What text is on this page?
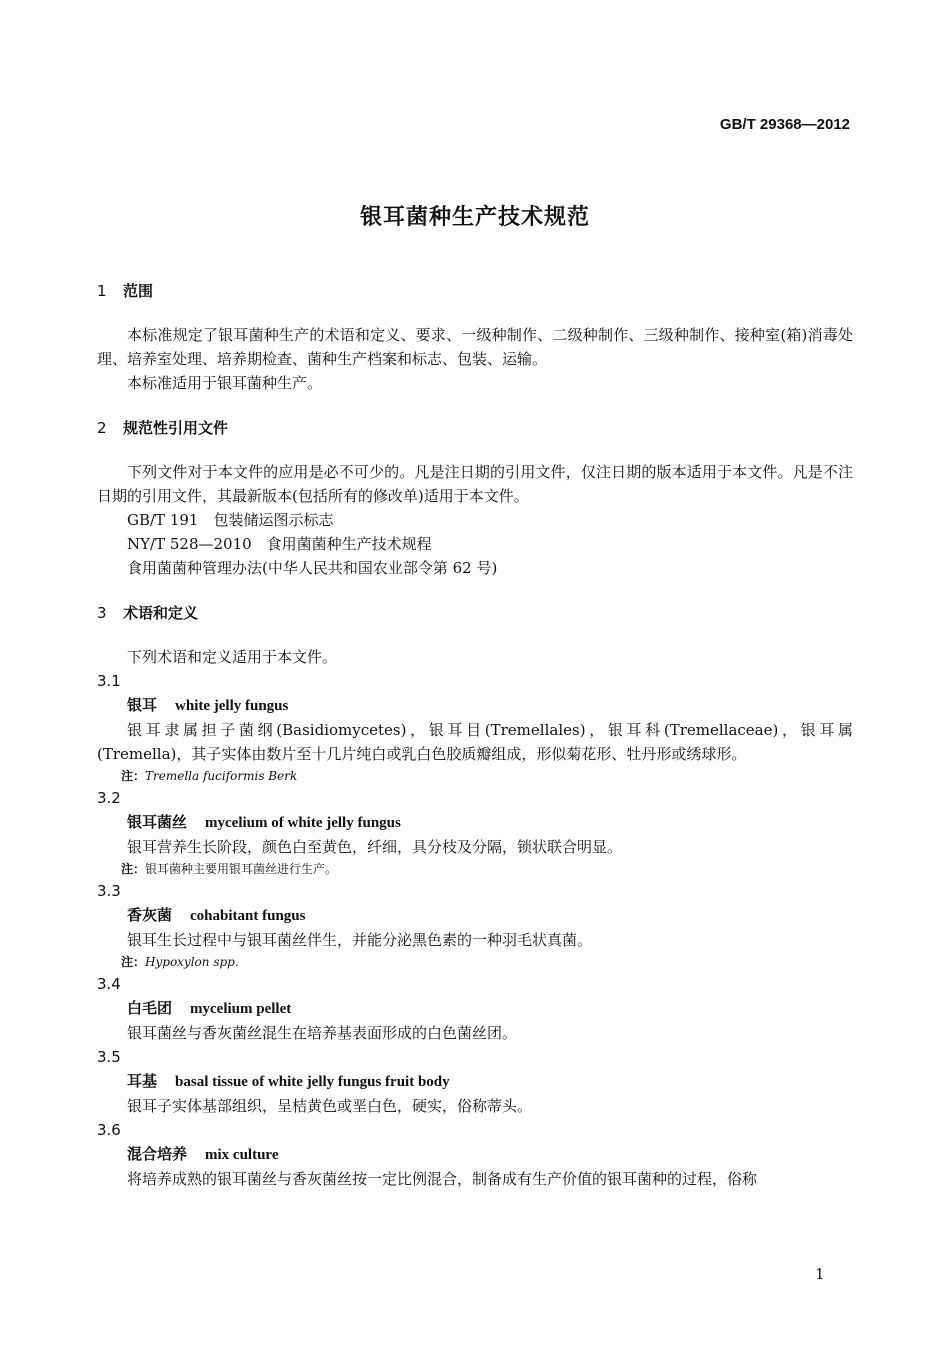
GB/T 29368—2012
银耳菌种生产技术规范

1 范围

本标准规定了银耳菌种生产的术语和定义、要求、一级种制作、二级种制作、三级种制作、接种室(箱)消毒处理、培养室处理、培养期检查、菌种生产档案和标志、包装、运输。

本标准适用于银耳菌种生产。

2 规范性引用文件

下列文件对于本文件的应用是必不可少的。凡是注日期的引用文件，仅注日期的版本适用于本文件。凡是不注日期的引用文件，其最新版本(包括所有的修改单)适用于本文件。

GB/T 191　包装储运图示标志

NY/T 528—2010　食用菌菌种生产技术规程

食用菌菌种管理办法(中华人民共和国农业部令第 62 号)

3 术语和定义

下列术语和定义适用于本文件。

3.1

银耳 white jelly fungus

银耳隶属担子菌纲(Basidiomycetes)，银耳目(Tremellales)，银耳科(Tremellaceae)，银耳属(Tremella)，其子实体由数片至十几片纯白或乳白色胶质瓣组成，形似菊花形、牡丹形或绣球形。

注：Tremella fuciformis Berk

3.2

银耳菌丝 mycelium of white jelly fungus

银耳营养生长阶段，颜色白至黄色，纤细，具分枝及分隔，锁状联合明显。

注：银耳菌种主要用银耳菌丝进行生产。

3.3

香灰菌 cohabitant fungus

银耳生长过程中与银耳菌丝伴生，并能分泌黑色素的一种羽毛状真菌。

注：Hypoxylon spp.

3.4

白毛团 mycelium pellet

银耳菌丝与香灰菌丝混生在培养基表面形成的白色菌丝团。

3.5

耳基 basal tissue of white jelly fungus fruit body

银耳子实体基部组织，呈桔黄色或垩白色，硬实，俗称蒂头。

3.6

混合培养 mix culture

将培养成熟的银耳菌丝与香灰菌丝按一定比例混合，制备成有生产价值的银耳菌种的过程，俗称

1
